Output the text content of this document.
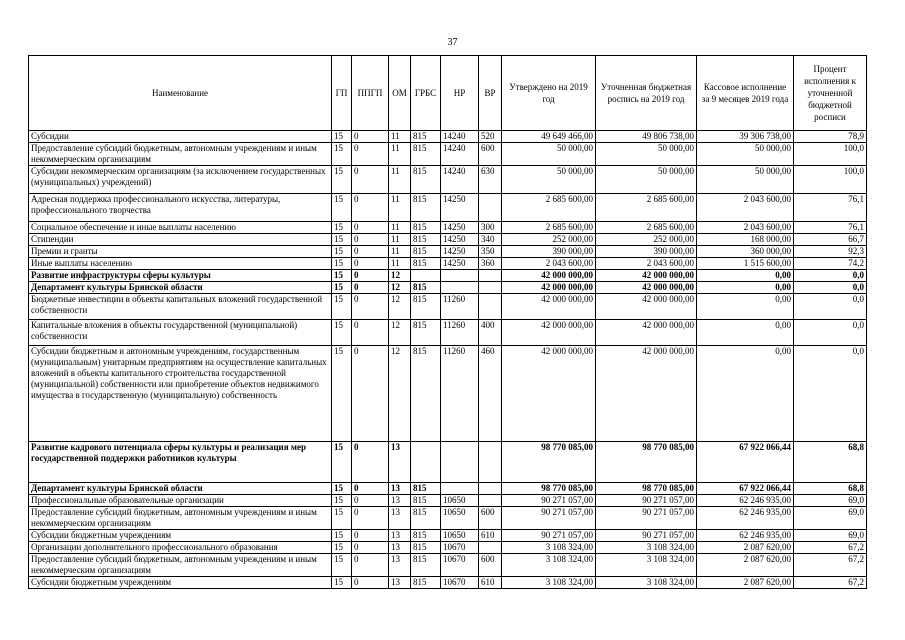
37
Наименование	ГП	ППГП	ОМ	ГРБС	НР	ВР	Утверждено на 2019 год	Уточненная бюджетная роспись на 2019 год	Кассовое исполнение за 9 месяцев 2019 года	Процент исполнения к уточненной бюджетной росписи
Субсидии	15	0	11	815	14240	520	49 649 466,00	49 806 738,00	39 306 738,00	78,9
Предоставление субсидий бюджетным, автономным учреждениям и иным некоммерческим организациям	15	0	11	815	14240	600	50 000,00	50 000,00	50 000,00	100,0
Субсидии некоммерческим организациям (за исключением государственных (муниципальных) учреждений)	15	0	11	815	14240	630	50 000,00	50 000,00	50 000,00	100,0
Адресная поддержка профессионального искусства, литературы, профессионального творчества	15	0	11	815	14250		2 685 600,00	2 685 600,00	2 043 600,00	76,1
Социальное обеспечение и иные выплаты населению	15	0	11	815	14250	300	2 685 600,00	2 685 600,00	2 043 600,00	76,1
Стипендии	15	0	11	815	14250	340	252 000,00	252 000,00	168 000,00	66,7
Премии и гранты	15	0	11	815	14250	350	390 000,00	390 000,00	360 000,00	92,3
Иные выплаты населению	15	0	11	815	14250	360	2 043 600,00	2 043 600,00	1 515 600,00	74,2
Развитие инфраструктуры сферы культуры	15	0	12				42 000 000,00	42 000 000,00	0,00	0,0
Департамент культуры Брянской области	15	0	12	815			42 000 000,00	42 000 000,00	0,00	0,0
Бюджетные инвестиции в объекты капитальных вложений государственной собственности	15	0	12	815	11260		42 000 000,00	42 000 000,00	0,00	0,0
Капитальные вложения в объекты государственной (муниципальной) собственности	15	0	12	815	11260	400	42 000 000,00	42 000 000,00	0,00	0,0
Субсидии бюджетным и автономным учреждениям, государственным (муниципальным) унитарным предприятиям на осуществление капитальных вложений в объекты капитального строительства государственной (муниципальной) собственности или приобретение объектов недвижимого имущества в государственную (муниципальную) собственность	15	0	12	815	11260	460	42 000 000,00	42 000 000,00	0,00	0,0
Развитие кадрового потенциала сферы культуры и реализация мер государственной поддержки работников культуры	15	0	13				98 770 085,00	98 770 085,00	67 922 066,44	68,8
Департамент культуры Брянской области	15	0	13	815			98 770 085,00	98 770 085,00	67 922 066,44	68,8
Профессиональные образовательные организации	15	0	13	815	10650		90 271 057,00	90 271 057,00	62 246 935,00	69,0
Предоставление субсидий бюджетным, автономным учреждениям и иным некоммерческим организациям	15	0	13	815	10650	600	90 271 057,00	90 271 057,00	62 246 935,00	69,0
Субсидии бюджетным учреждениям	15	0	13	815	10650	610	90 271 057,00	90 271 057,00	62 246 935,00	69,0
Организации дополнительного профессионального образования	15	0	13	815	10670		3 108 324,00	3 108 324,00	2 087 620,00	67,2
Предоставление субсидий бюджетным, автономным учреждениям и иным некоммерческим организациям	15	0	13	815	10670	600	3 108 324,00	3 108 324,00	2 087 620,00	67,2
Субсидии бюджетным учреждениям	15	0	13	815	10670	610	3 108 324,00	3 108 324,00	2 087 620,00	67,2
